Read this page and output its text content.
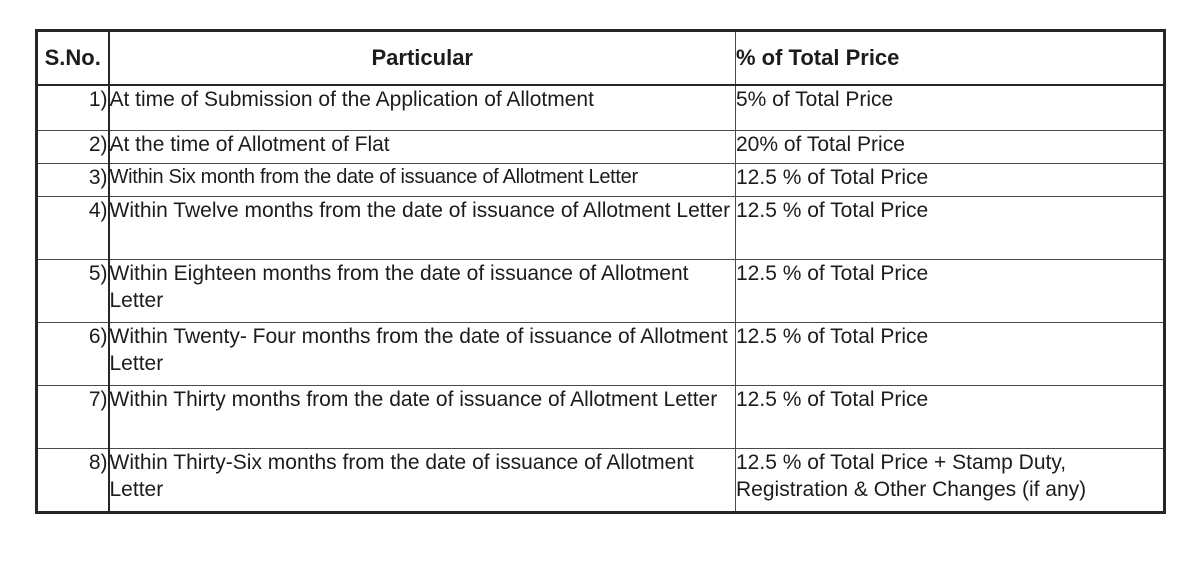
S.No.	Particular	% of Total Price
1)	At time of Submission of the Application of Allotment	5% of Total Price
2)	At the time of Allotment of Flat	20% of Total Price
3)	Within Six month from the date of issuance of Allotment Letter	12.5 % of Total Price
4)	Within Twelve months from the date of issuance of Allotment Letter	12.5 % of Total Price
5)	Within Eighteen months from the date of issuance of Allotment Letter	12.5 % of Total Price
6)	Within Twenty- Four months from the date of issuance of Allotment Letter	12.5 % of Total Price
7)	Within Thirty months from the date of issuance of Allotment Letter	12.5 % of Total Price
8)	Within Thirty-Six months from the date of issuance of Allotment Letter	12.5 % of Total Price + Stamp Duty, Registration & Other Changes (if any)
